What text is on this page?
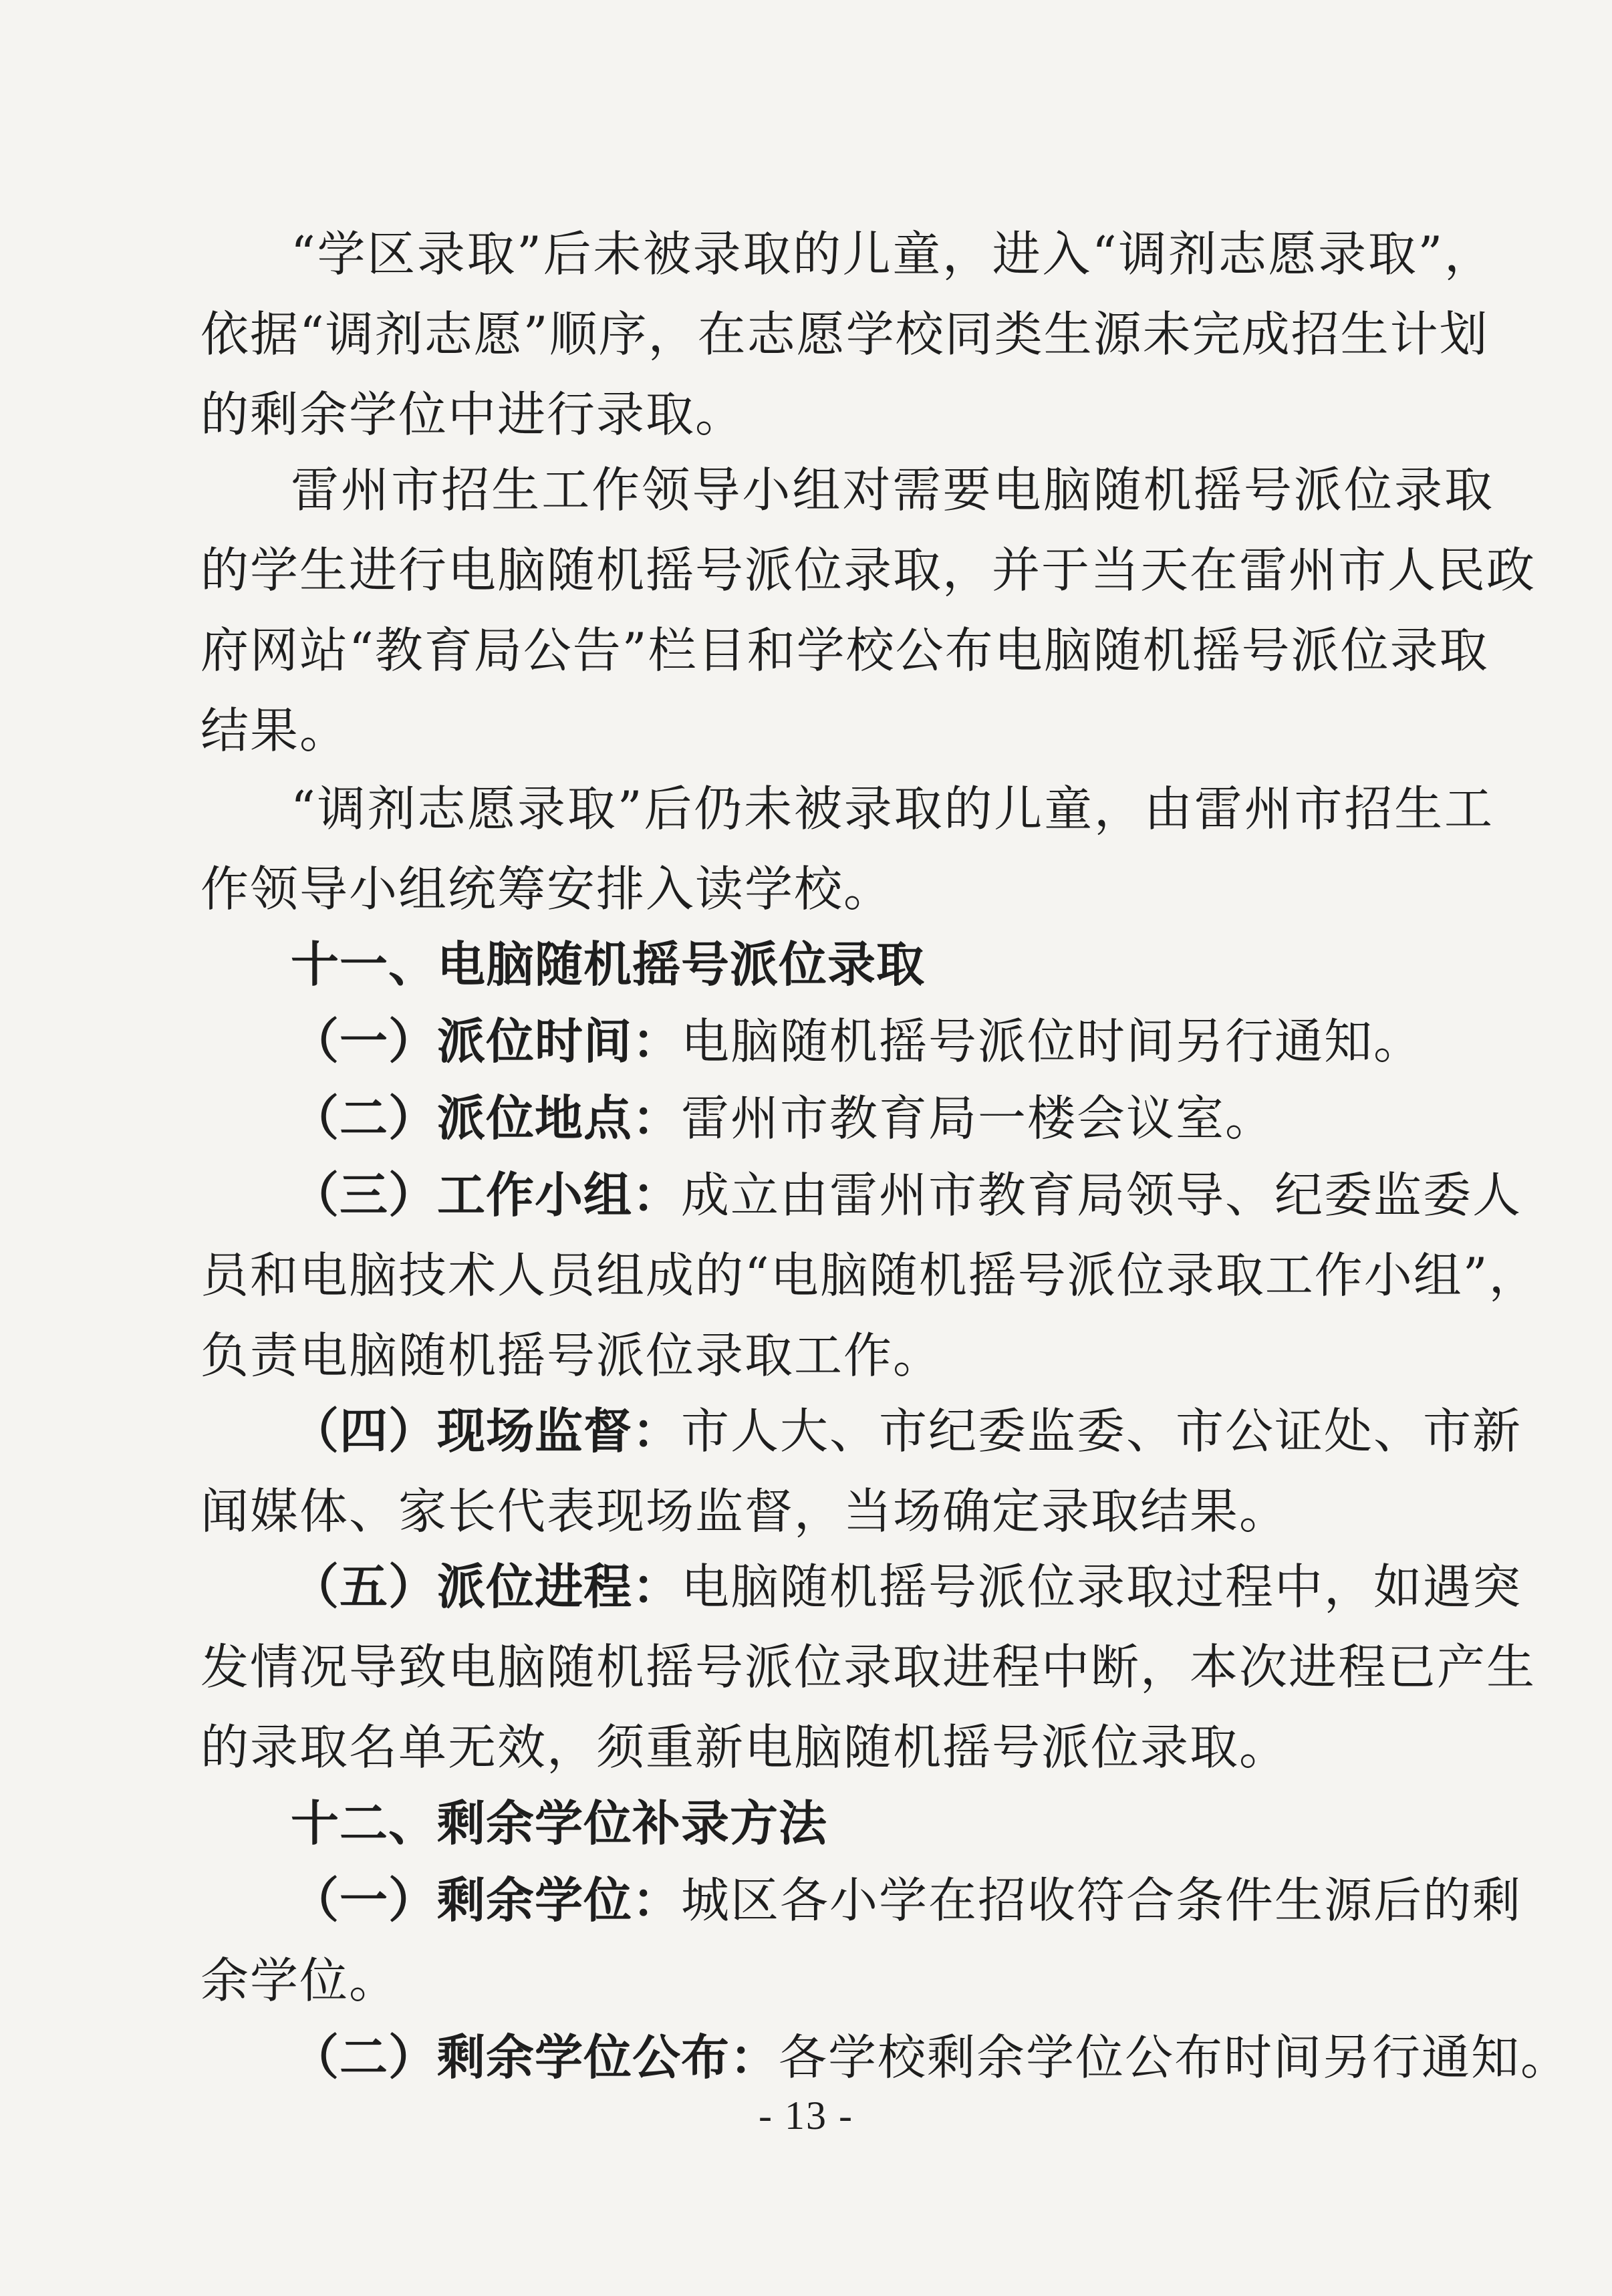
“学区录取”后未被录取的儿童，进入“调剂志愿录取”，
依据“调剂志愿”顺序，在志愿学校同类生源未完成招生计划
的剩余学位中进行录取。
雷州市招生工作领导小组对需要电脑随机摇号派位录取
的学生进行电脑随机摇号派位录取，并于当天在雷州市人民政
府网站“教育局公告”栏目和学校公布电脑随机摇号派位录取
结果。
“调剂志愿录取”后仍未被录取的儿童，由雷州市招生工
作领导小组统筹安排入读学校。
十一、电脑随机摇号派位录取
（一）派位时间：电脑随机摇号派位时间另行通知。
（二）派位地点：雷州市教育局一楼会议室。
（三）工作小组：成立由雷州市教育局领导、纪委监委人
员和电脑技术人员组成的“电脑随机摇号派位录取工作小组”，
负责电脑随机摇号派位录取工作。
（四）现场监督：市人大、市纪委监委、市公证处、市新
闻媒体、家长代表现场监督，当场确定录取结果。
（五）派位进程：电脑随机摇号派位录取过程中，如遇突
发情况导致电脑随机摇号派位录取进程中断，本次进程已产生
的录取名单无效，须重新电脑随机摇号派位录取。
十二、剩余学位补录方法
（一）剩余学位：城区各小学在招收符合条件生源后的剩
余学位。
（二）剩余学位公布：各学校剩余学位公布时间另行通知。
- 13 -
